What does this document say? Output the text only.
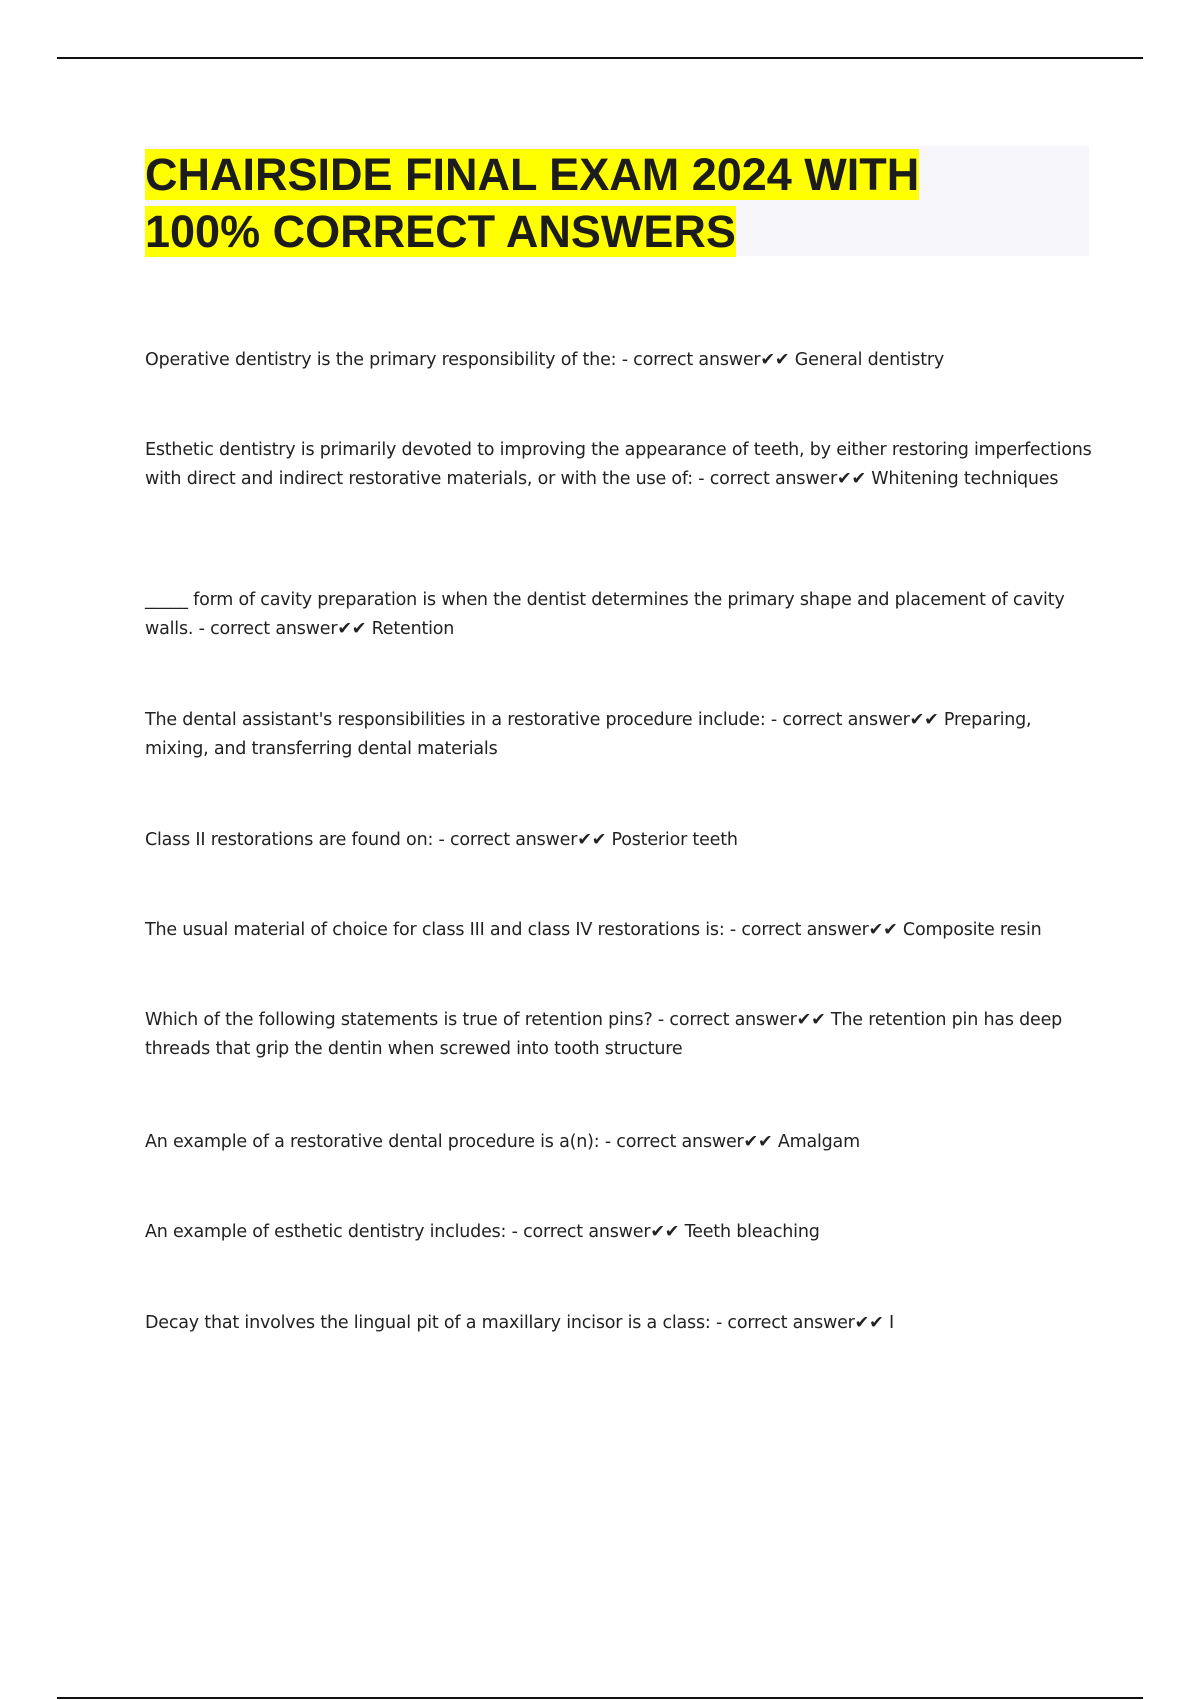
CHAIRSIDE FINAL EXAM 2024 WITH
100% CORRECT ANSWERS

Operative dentistry is the primary responsibility of the: - correct answer✔✔ General dentistry

Esthetic dentistry is primarily devoted to improving the appearance of teeth, by either restoring imperfections with direct and indirect restorative materials, or with the use of: - correct answer✔✔ Whitening techniques

_____ form of cavity preparation is when the dentist determines the primary shape and placement of cavity walls. - correct answer✔✔ Retention

The dental assistant's responsibilities in a restorative procedure include: - correct answer✔✔ Preparing, mixing, and transferring dental materials

Class II restorations are found on: - correct answer✔✔ Posterior teeth

The usual material of choice for class III and class IV restorations is: - correct answer✔✔ Composite resin

Which of the following statements is true of retention pins? - correct answer✔✔ The retention pin has deep threads that grip the dentin when screwed into tooth structure

An example of a restorative dental procedure is a(n): - correct answer✔✔ Amalgam

An example of esthetic dentistry includes: - correct answer✔✔ Teeth bleaching

Decay that involves the lingual pit of a maxillary incisor is a class: - correct answer✔✔ I
